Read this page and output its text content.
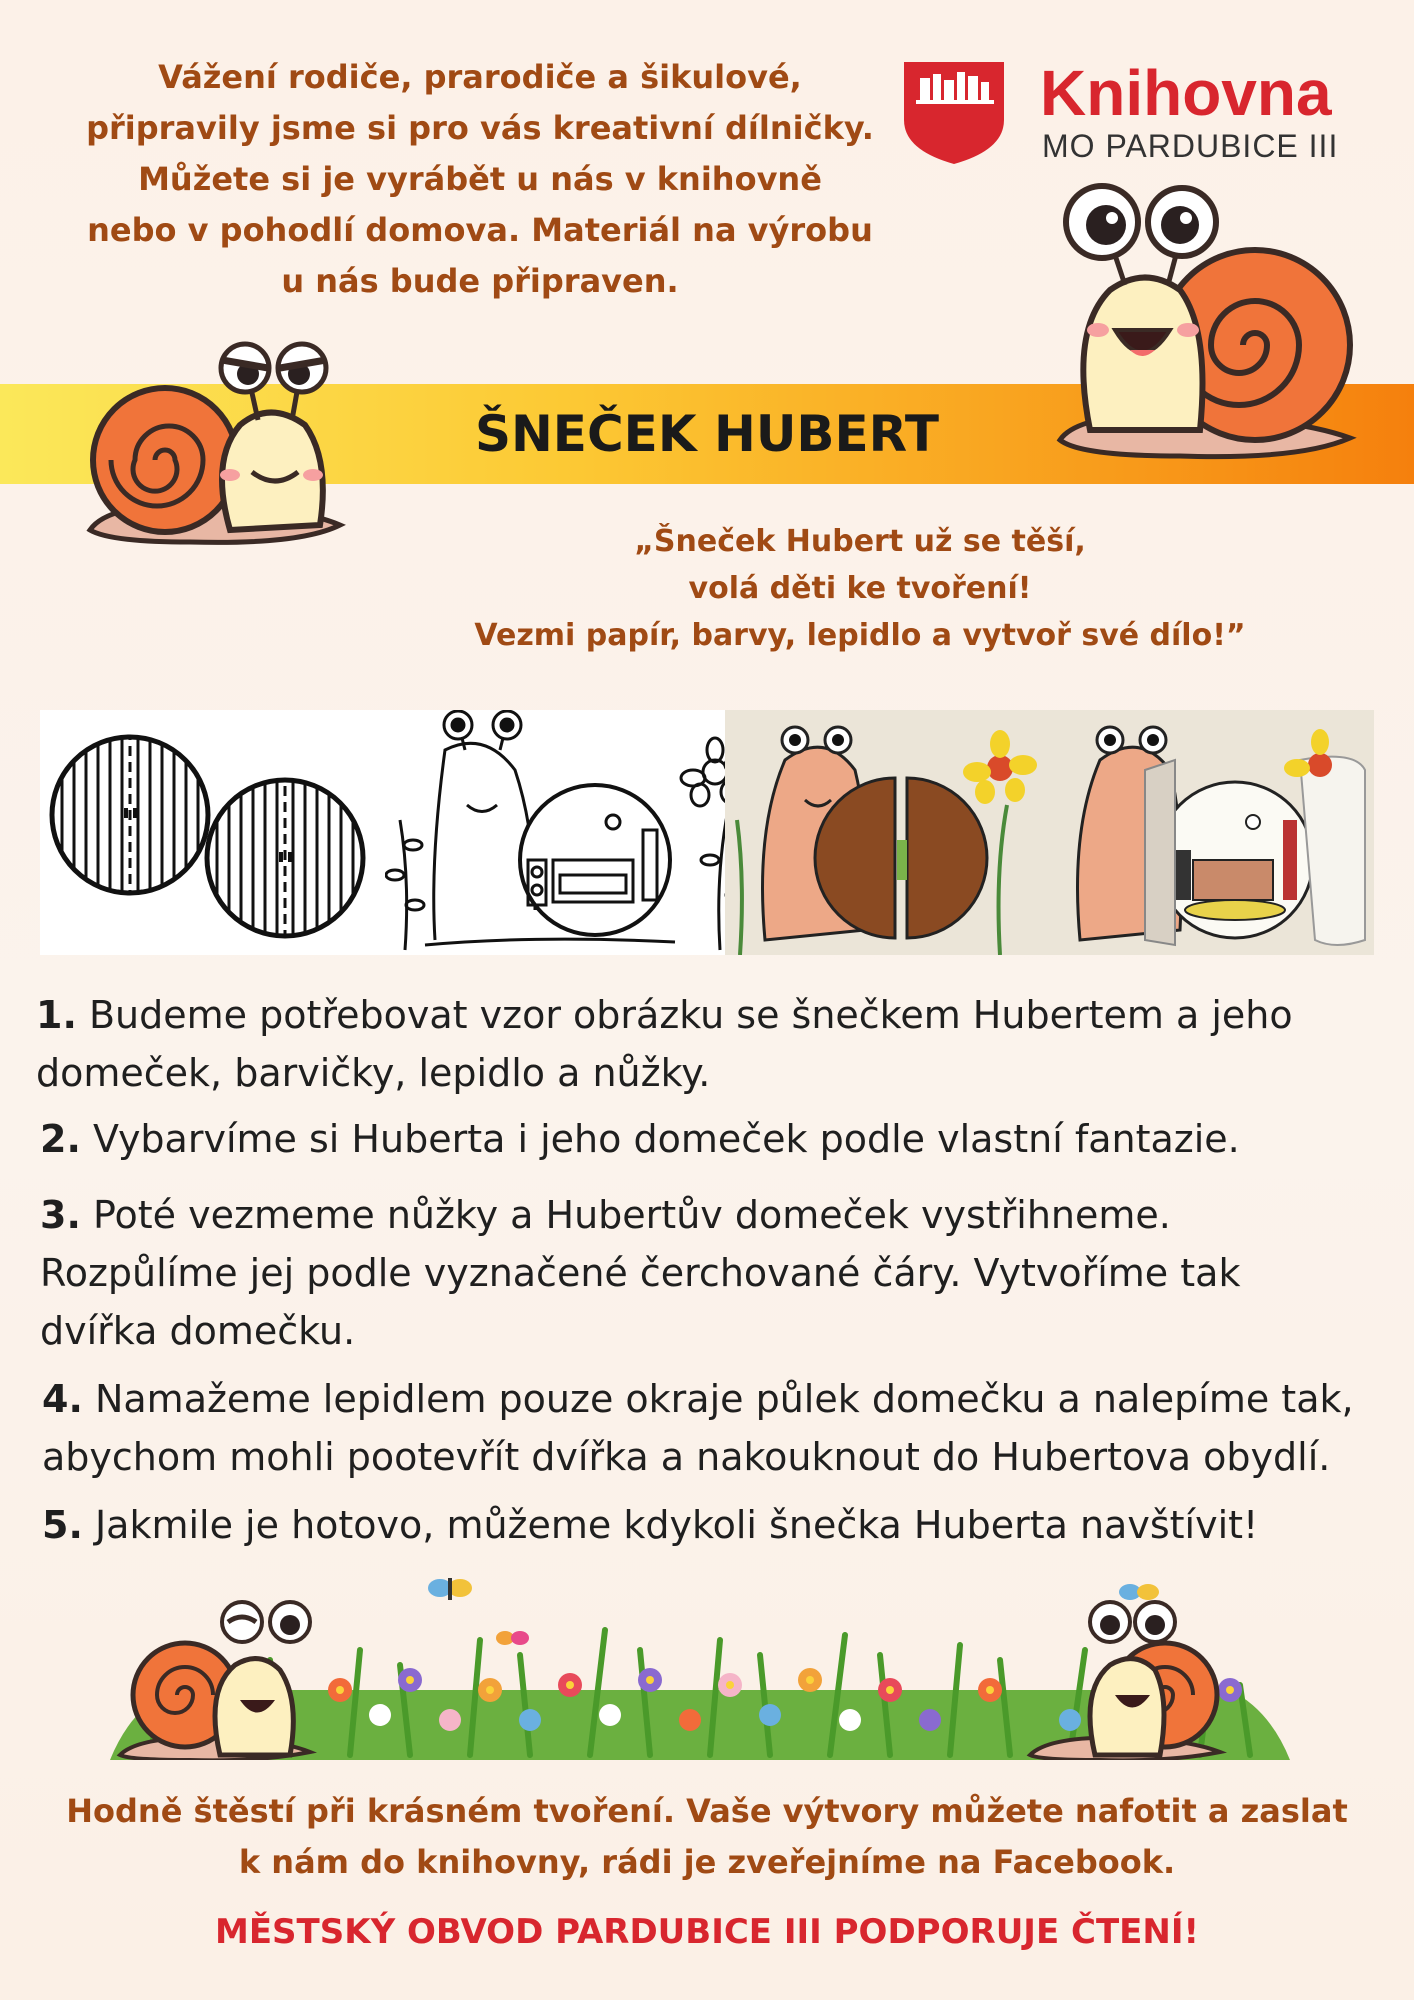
Vážení rodiče, prarodiče a šikulové,
připravily jsme si pro vás kreativní dílničky.
Můžete si je vyrábět u nás v knihovně
nebo v pohodlí domova. Materiál na výrobu
u nás bude připraven.
Knihovna
MO PARDUBICE III
ŠNEČEK HUBERT
„Šneček Hubert už se těší,
volá děti ke tvoření!
Vezmi papír, barvy, lepidlo a vytvoř své dílo!”
1. Budeme potřebovat vzor obrázku se šnečkem Hubertem a jeho
domeček, barvičky, lepidlo a nůžky.
2. Vybarvíme si Huberta i jeho domeček podle vlastní fantazie.
3. Poté vezmeme nůžky a Hubertův domeček vystřihneme.
Rozpůlíme jej podle vyznačené čerchované čáry. Vytvoříme tak
dvířka domečku.
4. Namažeme lepidlem pouze okraje půlek domečku a nalepíme tak,
abychom mohli pootevřít dvířka a nakouknout do Hubertova obydlí.
5. Jakmile je hotovo, můžeme kdykoli šnečka Huberta navštívit!
Hodně štěstí při krásném tvoření. Vaše výtvory můžete nafotit a zaslat
k nám do knihovny, rádi je zveřejníme na Facebook.
MĚSTSKÝ OBVOD PARDUBICE III PODPORUJE ČTENÍ!
